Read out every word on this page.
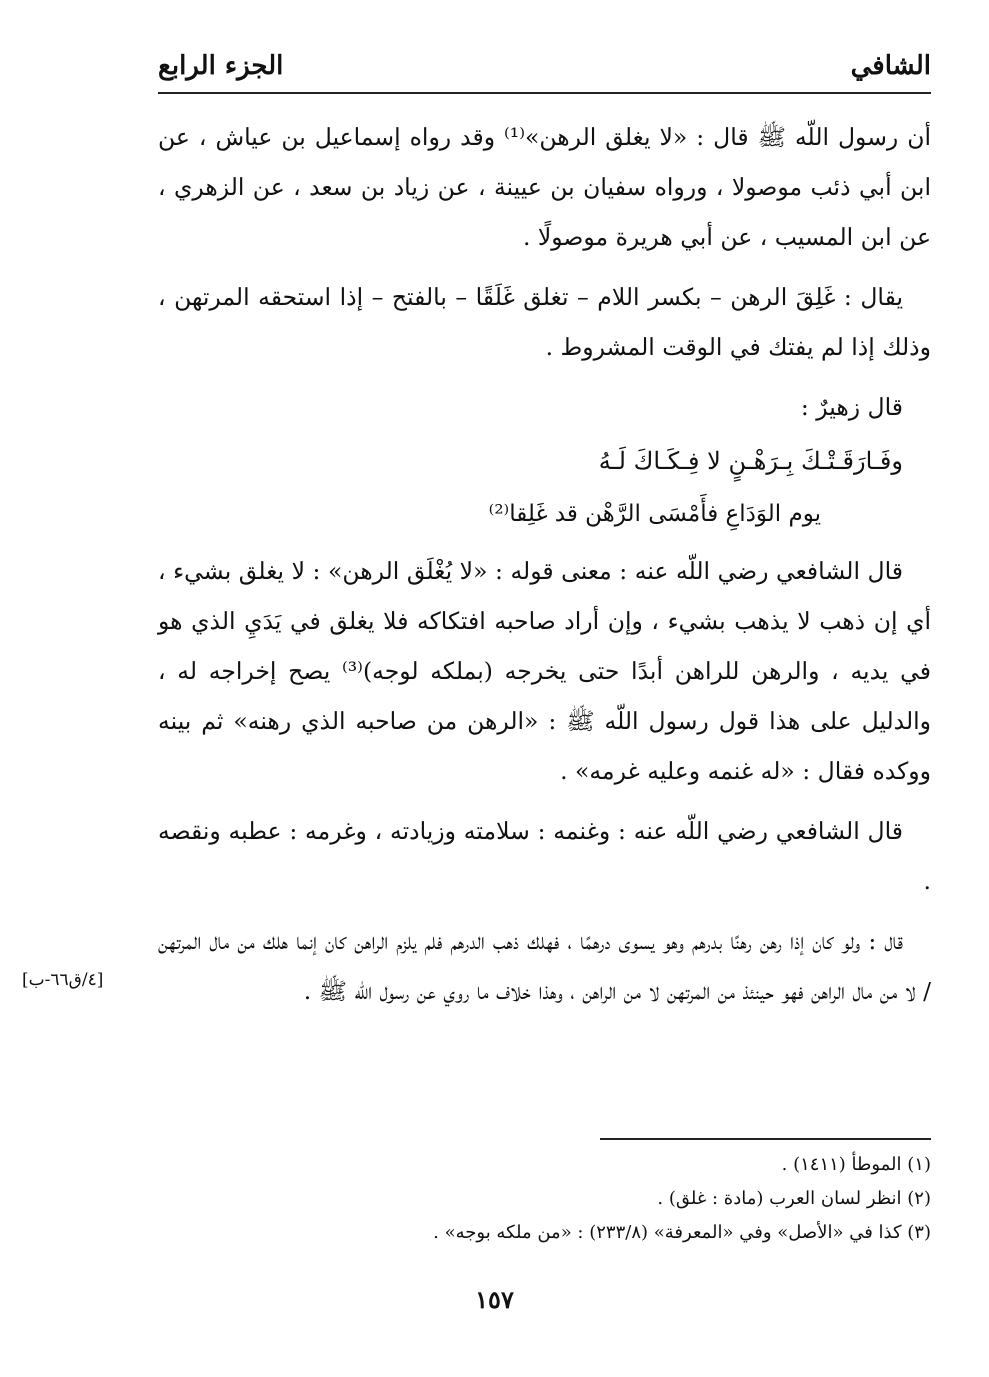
الشافي
الجزء الرابع

أن رسول اللّه ﷺ قال : «لا يغلق الرهن»⁽¹⁾ وقد رواه إسماعيل بن عياش ، عن ابن أبي ذئب موصولا ، ورواه سفيان بن عيينة ، عن زياد بن سعد ، عن الزهري ، عن ابن المسيب ، عن أبي هريرة موصولًا .

يقال : غَلِقَ الرهن – بكسر اللام – تغلق غَلَقًا – بالفتح – إذا استحقه المرتهن ، وذلك إذا لم يفتك في الوقت المشروط .

قال زهيرٌ :

وفَـارَقَـتْـكَ بِـرَهْـنٍ لا فِـكَـاكَ لَـهُ
يوم الوَدَاعِ فأَمْسَى الرَّهْن قد غَلِقا⁽²⁾

قال الشافعي رضي اللّه عنه : معنى قوله : «لا يُغْلَق الرهن» : لا يغلق بشيء ، أي إن ذهب لا يذهب بشيء ، وإن أراد صاحبه افتكاكه فلا يغلق في يَدَيِ الذي هو في يديه ، والرهن للراهن أبدًا حتى يخرجه (بملكه لوجه)⁽³⁾ يصح إخراجه له ، والدليل على هذا قول رسول اللّه ﷺ : «الرهن من صاحبه الذي رهنه» ثم بينه ووكده فقال : «له غنمه وعليه غرمه» .

قال الشافعي رضي اللّه عنه : وغنمه : سلامته وزيادته ، وغرمه : عطبه ونقصه .

قال : ولو كان إذا رهن رهنًا بدرهم وهو يسوى درهمًا ، فهلك ذهب الدرهم فلم يلزم الراهن كان إنما هلك من مال المرتهن / لا من مال الراهن فهو حينئذ من المرتهن لا من الراهن ، وهذا خلاف ما روي عن رسول اللّه ﷺ .

[٤/ق٦٦-ب]
(١) الموطأ (١٤١١) .
(٢) انظر لسان العرب (مادة : غلق) .
(٣) كذا في «الأصل» وفي «المعرفة» (٢٣٣/٨) : «من ملكه بوجه» .
١٥٧
